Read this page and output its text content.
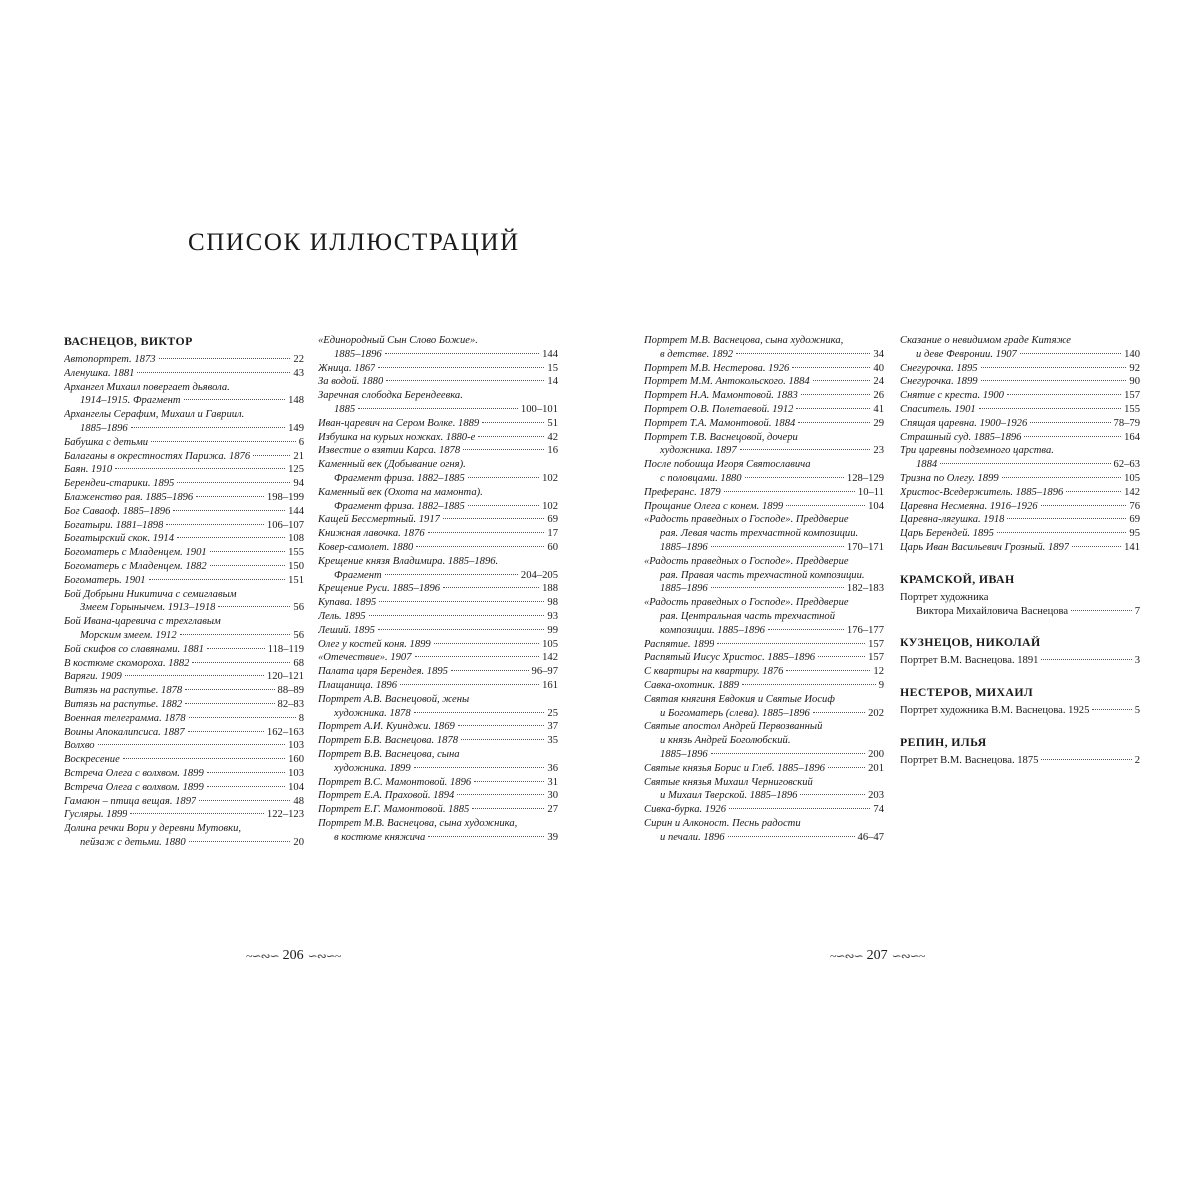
СПИСОК ИЛЛЮСТРАЦИЙ
ВАСНЕЦОВ, ВИКТОР
Автопортрет. 1873	22
Аленушка. 1881	43
Архангел Михаил повергает дьявола.
1914–1915. Фрагмент	148
Архангелы Серафим, Михаил и Гавриил.
1885–1896	149
Бабушка с детьми	6
Балаганы в окрестностях Парижа. 1876	21
Баян. 1910	125
Берендеи-старики. 1895	94
Блаженство рая. 1885–1896	198–199
Бог Саваоф. 1885–1896	144
Богатыри. 1881–1898	106–107
Богатырский скок. 1914	108
Богоматерь с Младенцем. 1901	155
Богоматерь с Младенцем. 1882	150
Богоматерь. 1901	151
Бой Добрыни Никитича с семиглавым
Змеем Горынычем. 1913–1918	56
Бой Ивана-царевича с трехглавым
Морским змеем. 1912	56
Бой скифов со славянами. 1881	118–119
В костюме скомороха. 1882	68
Варяги. 1909	120–121
Витязь на распутье. 1878	88–89
Витязь на распутье. 1882	82–83
Военная телеграмма. 1878	8
Воины Апокалипсиса. 1887	162–163
Волхво	103
Воскресение	160
Встреча Олега с волхвом. 1899	103
Встреча Олега с волхвом. 1899	104
Гамаюн – птица вещая. 1897	48
Гусляры. 1899	122–123
Долина речки Вори у деревни Мутовки,
пейзаж с детьми. 1880	20
«Единородный Сын Слово Божие».
1885–1896	144
Жница. 1867	15
За водой. 1880	14
Заречная слободка Берендеевка.
1885	100–101
Иван-царевич на Сером Волке. 1889	51
Избушка на курьих ножках. 1880-е	42
Известие о взятии Карса. 1878	16
Каменный век (Добывание огня).
Фрагмент фриза. 1882–1885	102
Каменный век (Охота на мамонта).
Фрагмент фриза. 1882–1885	102
Кащей Бессмертный. 1917	69
Книжная лавочка. 1876	17
Ковер-самолет. 1880	60
Крещение князя Владимира. 1885–1896.
Фрагмент	204–205
Крещение Руси. 1885–1896	188
Купава. 1895	98
Лель. 1895	93
Леший. 1895	99
Олег у костей коня. 1899	105
«Отечествие». 1907	142
Палата царя Берендея. 1895	96–97
Плащаница. 1896	161
Портрет А.В. Васнецовой, жены
художника. 1878	25
Портрет А.И. Куинджи. 1869	37
Портрет Б.В. Васнецова. 1878	35
Портрет В.В. Васнецова, сына
художника. 1899	36
Портрет В.С. Мамонтовой. 1896	31
Портрет Е.А. Праховой. 1894	30
Портрет Е.Г. Мамонтовой. 1885	27
Портрет М.В. Васнецова, сына художника,
в костюме княжича	39
Портрет М.В. Васнецова, сына художника,
в детстве. 1892	34
Портрет М.В. Нестерова. 1926	40
Портрет М.М. Антокольского. 1884	24
Портрет Н.А. Мамонтовой. 1883	26
Портрет О.В. Полетаевой. 1912	41
Портрет Т.А. Мамонтовой. 1884	29
Портрет Т.В. Васнецовой, дочери
художника. 1897	23
После побоища Игоря Святославича
с половцами. 1880	128–129
Преферанс. 1879	10–11
Прощание Олега с конем. 1899	104
«Радость праведных о Господе». Преддверие
рая. Левая часть трехчастной композиции.
1885–1896	170–171
«Радость праведных о Господе». Преддверие
рая. Правая часть трехчастной композиции.
1885–1896	182–183
«Радость праведных о Господе». Преддверие
рая. Центральная часть трехчастной
композиции. 1885–1896	176–177
Распятие. 1899	157
Распятый Иисус Христос. 1885–1896	157
С квартиры на квартиру. 1876	12
Савка-охотник. 1889	9
Святая княгиня Евдокия и Святые Иосиф
и Богоматерь (слева). 1885–1896	202
Святые апостол Андрей Первозванный
и князь Андрей Боголюбский.
1885–1896	200
Святые князья Борис и Глеб. 1885–1896	201
Святые князья Михаил Черниговский
и Михаил Тверской. 1885–1896	203
Сивка-бурка. 1926	74
Сирин и Алконост. Песнь радости
и печали. 1896	46–47
Сказание о невидимом граде Китяже
и деве Февронии. 1907	140
Снегурочка. 1895	92
Снегурочка. 1899	90
Снятие с креста. 1900	157
Спаситель. 1901	155
Спящая царевна. 1900–1926	78–79
Страшный суд. 1885–1896	164
Три царевны подземного царства.
1884	62–63
Тризна по Олегу. 1899	105
Христос-Вседержитель. 1885–1896	142
Царевна Несмеяна. 1916–1926	76
Царевна-лягушка. 1918	69
Царь Берендей. 1895	95
Царь Иван Васильевич Грозный. 1897	141
КРАМСКОЙ, ИВАН
Портрет художника
Виктора Михайловича Васнецова	7
КУЗНЕЦОВ, НИКОЛАЙ
Портрет В.М. Васнецова. 1891	3
НЕСТЕРОВ, МИХАИЛ
Портрет художника В.М. Васнецова. 1925	5
РЕПИН, ИЛЬЯ
Портрет В.М. Васнецова. 1875	2
~∽∾∽ 206 ∽∾∽~	~∽∾∽ 207 ∽∾∽~
